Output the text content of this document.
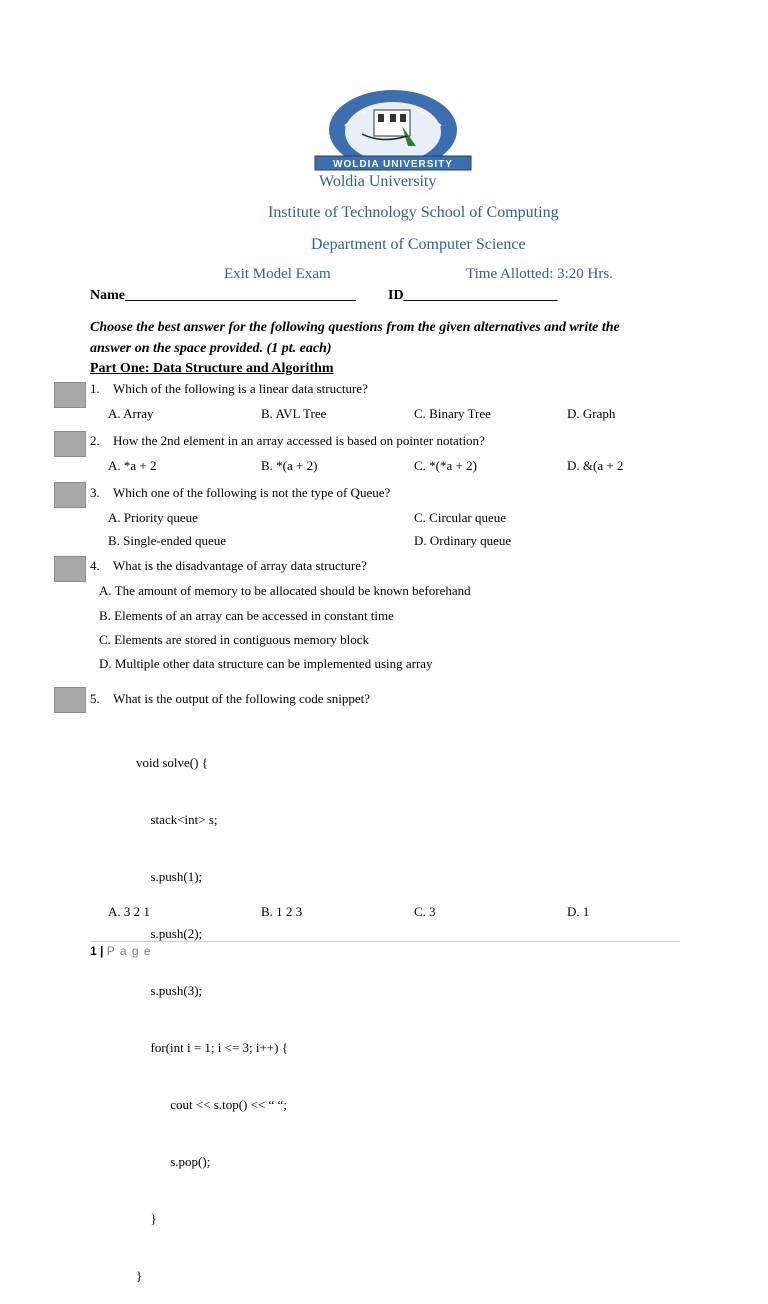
WOLDIA UNIVERSITY
Woldia University
Institute of Technology School of Computing
Department of Computer Science
Exit Model Exam	Time Allotted: 3:20 Hrs.
Name_________________________________ ID______________________
Choose the best answer for the following questions from the given alternatives and write the
answer on the space provided. (1 pt. each)
Part One: Data Structure and Algorithm
1. Which of the following is a linear data structure?
A. Array	B. AVL Tree	C. Binary Tree	D. Graph
2. How the 2nd element in an array accessed is based on pointer notation?
A. *a + 2	B. *(a + 2)	C. *(*a + 2)	D. &(a + 2
3. Which one of the following is not the type of Queue?
A. Priority queue
B. Single-ended queue
C. Circular queue
D. Ordinary queue
4. What is the disadvantage of array data structure?
A. The amount of memory to be allocated should be known beforehand
B. Elements of an array can be accessed in constant time
C. Elements are stored in contiguous memory block
D. Multiple other data structure can be implemented using array
5. What is the output of the following code snippet?

void solve() {

stack<int> s;

s.push(1);

s.push(2);

s.push(3);

for(int i = 1; i <= 3; i++) {

cout << s.top() << “ “;

s.pop();

}

}

A. 3 2 1	B. 1 2 3	C. 3	D. 1
1 | P a g e
